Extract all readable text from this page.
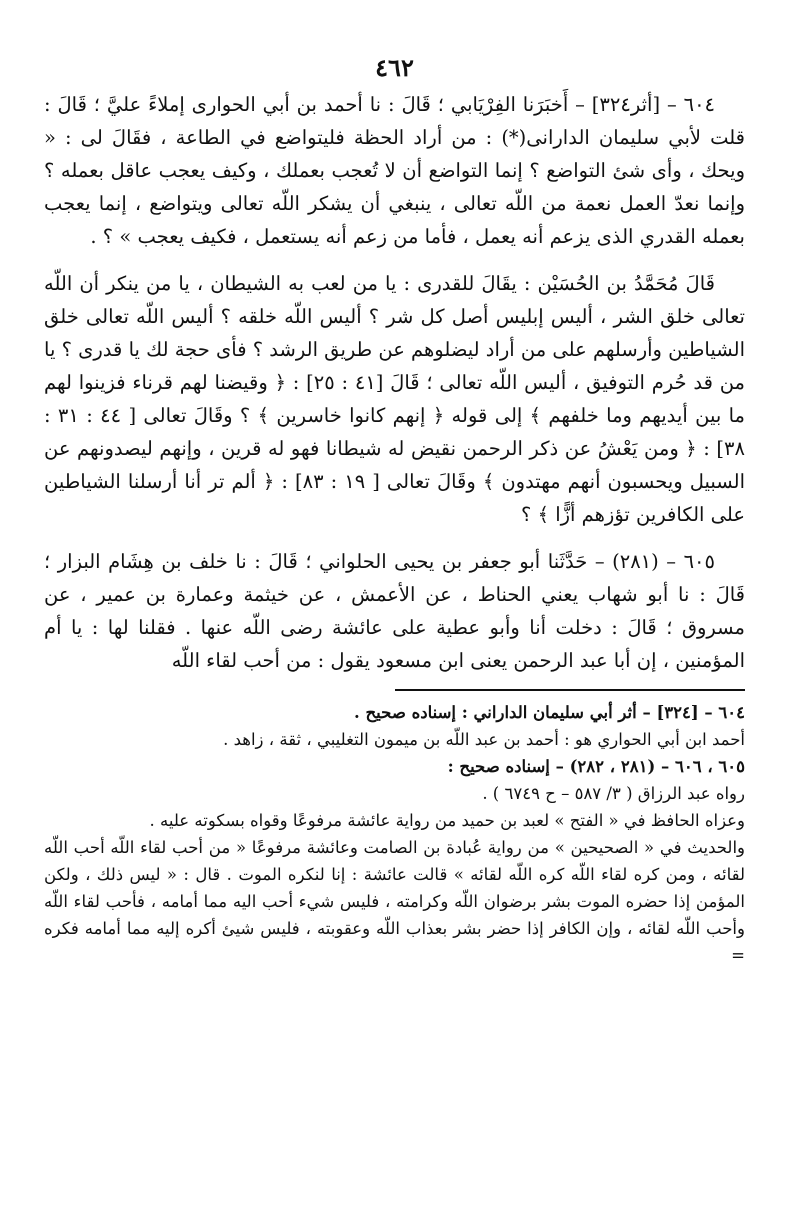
٤٦٢

٦٠٤ – [أثر٣٢٤] – أَخبَرَنا الفِرْيَابي ؛ قَالَ : نا أحمد بن أبي الحوارى إملاءً عليَّ ؛ قَالَ : قلت لأبي سليمان الدارانى(*) : من أراد الحظة فليتواضع في الطاعة ، فقَالَ لى : « ويحك ، وأى شئ التواضع ؟ إنما التواضع أن لا تُعجب بعملك ، وكيف يعجب عاقل بعمله ؟ وإنما نعدّ العمل نعمة من اللّه تعالى ، ينبغي أن يشكر اللّه تعالى ويتواضع ، إنما يعجب بعمله القدري الذى يزعم أنه يعمل ، فأما من زعم أنه يستعمل ، فكيف يعجب » ؟ .

قَالَ مُحَمَّدُ بن الحُسَيْن : يقَالَ للقدرى : يا من لعب به الشيطان ، يا من ينكر أن اللّه تعالى خلق الشر ، أليس إبليس أصل كل شر ؟ أليس اللّه خلقه ؟ أليس اللّه تعالى خلق الشياطين وأرسلهم على من أراد ليضلوهم عن طريق الرشد ؟ فأى حجة لك يا قدرى ؟ يا من قد حُرم التوفيق ، أليس اللّه تعالى ؛ قَالَ [٤١ : ٢٥] : ﴿ وقيضنا لهم قرناء فزينوا لهم ما بين أيديهم وما خلفهم ﴾ إلى قوله ﴿ إنهم كانوا خاسرين ﴾ ؟ وقَالَ تعالى [ ٤٤ : ٣١ : ٣٨] : ﴿ ومن يَعْشُ عن ذكر الرحمن نقيض له شيطانا فهو له قرين ، وإنهم ليصدونهم عن السبيل ويحسبون أنهم مهتدون ﴾ وقَالَ تعالى [ ١٩ : ٨٣] : ﴿ ألم تر أنا أرسلنا الشياطين على الكافرين تؤزهم أزًّا ﴾ ؟

٦٠٥ – (٢٨١) – حَدَّثَنا أبو جعفر بن يحيى الحلواني ؛ قَالَ : نا خلف بن هِشَام البزار ؛ قَالَ : نا أبو شهاب يعني الحناط ، عن الأعمش ، عن خيثمة وعمارة بن عمير ، عن مسروق ؛ قَالَ : دخلت أنا وأبو عطية على عائشة رضى اللّه عنها . فقلنا لها : يا أم المؤمنين ، إن أبا عبد الرحمن يعنى ابن مسعود يقول : من أحب لقاء اللّه

٦٠٤ – [٣٢٤] – أثر أبي سليمان الداراني : إسناده صحيح .

أحمد ابن أبي الحواري هو : أحمد بن عبد اللّه بن ميمون التغليبي ، ثقة ، زاهد .

٦٠٥ ، ٦٠٦ – (٢٨١ ، ٢٨٢) – إسناده صحيح :

رواه عبد الرزاق ( ٣/ ٥٨٧ – ح ٦٧٤٩ ) .

وعزاه الحافظ في « الفتح » لعبد بن حميد من رواية عائشة مرفوعًا وقواه بسكوته عليه .

والحديث في « الصحيحين » من رواية عُبادة بن الصامت وعائشة مرفوعًا « من أحب لقاء اللّه أحب اللّه لقائه ، ومن كره لقاء اللّه كره اللّه لقائه » قالت عائشة : إنا لنكره الموت . قال : « ليس ذلك ، ولكن المؤمن إذا حضره الموت بشر برضوان اللّه وكرامته ، فليس شيء أحب اليه مما أمامه ، فأحب لقاء اللّه وأحب اللّه لقائه ، وإن الكافر إذا حضر بشر بعذاب اللّه وعقوبته ، فليس شيئ أكره إليه مما أمامه فكره =
